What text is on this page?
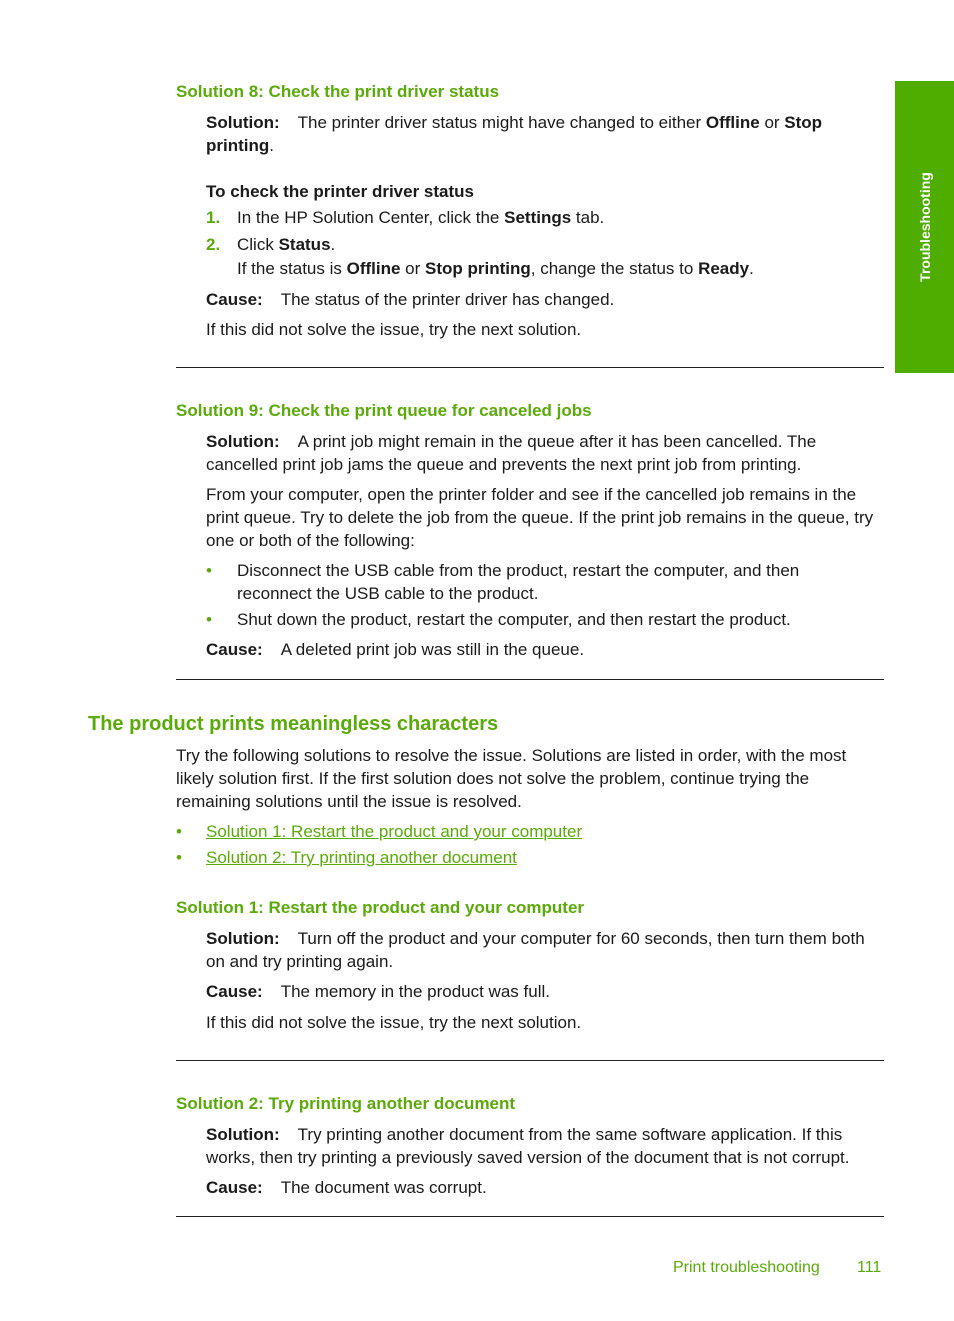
Troubleshooting
Solution 8: Check the print driver status
Solution: The printer driver status might have changed to either Offline or Stop
printing.
To check the printer driver status
1. In the HP Solution Center, click the Settings tab.
2. Click Status.
If the status is Offline or Stop printing, change the status to Ready.
Cause: The status of the printer driver has changed.
If this did not solve the issue, try the next solution.
Solution 9: Check the print queue for canceled jobs
Solution: A print job might remain in the queue after it has been cancelled. The cancelled print job jams the queue and prevents the next print job from printing.
From your computer, open the printer folder and see if the cancelled job remains in the print queue. Try to delete the job from the queue. If the print job remains in the queue, try one or both of the following:
• Disconnect the USB cable from the product, restart the computer, and then reconnect the USB cable to the product.
• Shut down the product, restart the computer, and then restart the product.
Cause: A deleted print job was still in the queue.
The product prints meaningless characters
Try the following solutions to resolve the issue. Solutions are listed in order, with the most likely solution first. If the first solution does not solve the problem, continue trying the remaining solutions until the issue is resolved.
• Solution 1: Restart the product and your computer
• Solution 2: Try printing another document
Solution 1: Restart the product and your computer
Solution: Turn off the product and your computer for 60 seconds, then turn them both on and try printing again.
Cause: The memory in the product was full.
If this did not solve the issue, try the next solution.
Solution 2: Try printing another document
Solution: Try printing another document from the same software application. If this works, then try printing a previously saved version of the document that is not corrupt.
Cause: The document was corrupt.
Print troubleshooting 111
